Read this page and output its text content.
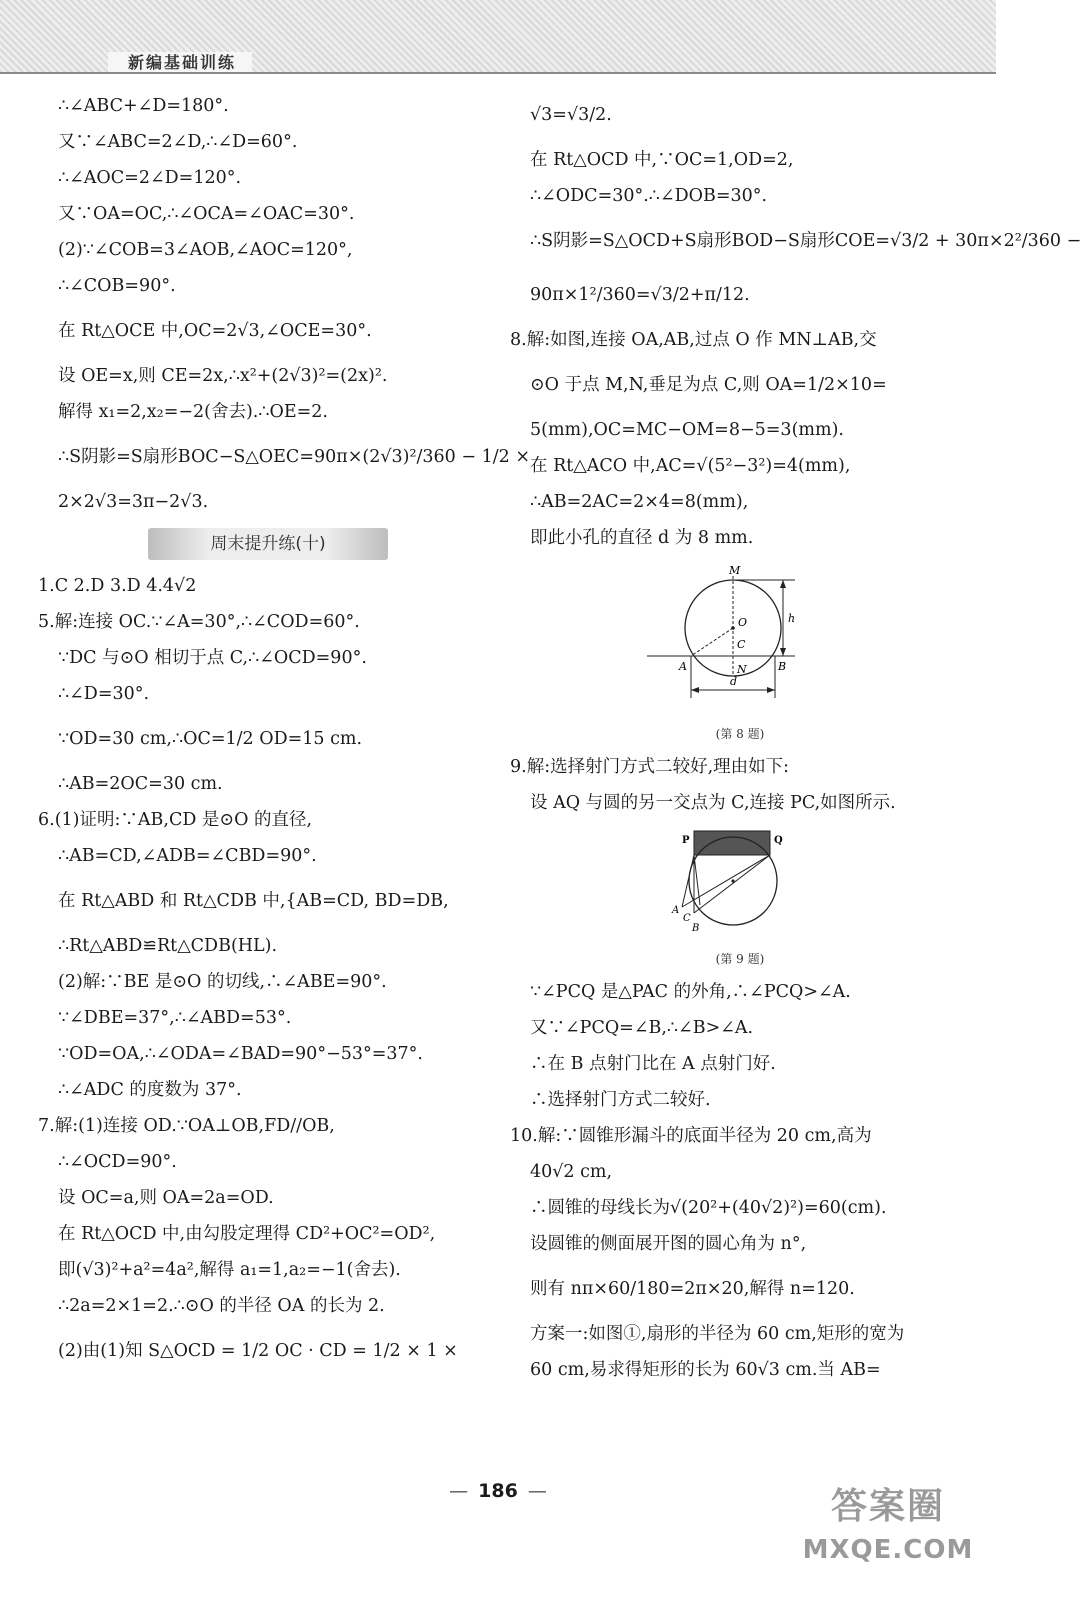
新编基础训练
∴∠ABC+∠D=180°.
又∵∠ABC=2∠D,∴∠D=60°.
∴∠AOC=2∠D=120°.
又∵OA=OC,∴∠OCA=∠OAC=30°.
(2)∵∠COB=3∠AOB,∠AOC=120°,
∴∠COB=90°.
在 Rt△OCE 中,OC=2√3,∠OCE=30°.
设 OE=x,则 CE=2x,∴x²+(2√3)²=(2x)².
解得 x₁=2,x₂=−2(舍去).∴OE=2.
∴S阴影=S扇形BOC−S△OEC=90π×(2√3)²/360 − 1/2 ×
2×2√3=3π−2√3.
周末提升练(十)
1.C 2.D 3.D 4.4√2
5.解:连接 OC.∵∠A=30°,∴∠COD=60°.
∵DC 与⊙O 相切于点 C,∴∠OCD=90°.
∴∠D=30°.
∵OD=30 cm,∴OC=1/2 OD=15 cm.
∴AB=2OC=30 cm.
6.(1)证明:∵AB,CD 是⊙O 的直径,
∴AB=CD,∠ADB=∠CBD=90°.
在 Rt△ABD 和 Rt△CDB 中,{AB=CD, BD=DB,
∴Rt△ABD≌Rt△CDB(HL).
(2)解:∵BE 是⊙O 的切线,∴∠ABE=90°.
∵∠DBE=37°,∴∠ABD=53°.
∵OD=OA,∴∠ODA=∠BAD=90°−53°=37°.
∴∠ADC 的度数为 37°.
7.解:(1)连接 OD.∵OA⊥OB,FD//OB,
∴∠OCD=90°.
设 OC=a,则 OA=2a=OD.
在 Rt△OCD 中,由勾股定理得 CD²+OC²=OD²,
即(√3)²+a²=4a²,解得 a₁=1,a₂=−1(舍去).
∴2a=2×1=2.∴⊙O 的半径 OA 的长为 2.
(2)由(1)知 S△OCD = 1/2 OC · CD = 1/2 × 1 ×
√3=√3/2.
在 Rt△OCD 中,∵OC=1,OD=2,
∴∠ODC=30°.∴∠DOB=30°.
∴S阴影=S△OCD+S扇形BOD−S扇形COE=√3/2 + 30π×2²/360 −
90π×1²/360=√3/2+π/12.
8.解:如图,连接 OA,AB,过点 O 作 MN⊥AB,交
⊙O 于点 M,N,垂足为点 C,则 OA=1/2×10=
5(mm),OC=MC−OM=8−5=3(mm).
在 Rt△ACO 中,AC=√(5²−3²)=4(mm),
∴AB=2AC=2×4=8(mm),
即此小孔的直径 d 为 8 mm.
M
O
C
N
A	B
h
d
(第 8 题)
9.解:选择射门方式二较好,理由如下:
设 AQ 与圆的另一交点为 C,连接 PC,如图所示.
P	Q
A
C
B
(第 9 题)
∵∠PCQ 是△PAC 的外角,∴∠PCQ>∠A.
又∵∠PCQ=∠B,∴∠B>∠A.
∴在 B 点射门比在 A 点射门好.
∴选择射门方式二较好.
10.解:∵圆锥形漏斗的底面半径为 20 cm,高为
40√2 cm,
∴圆锥的母线长为√(20²+(40√2)²)=60(cm).
设圆锥的侧面展开图的圆心角为 n°,
则有 nπ×60/180=2π×20,解得 n=120.
方案一:如图①,扇形的半径为 60 cm,矩形的宽为
60 cm,易求得矩形的长为 60√3 cm.当 AB=
— 186 —	答案圈
MXQE.COM
